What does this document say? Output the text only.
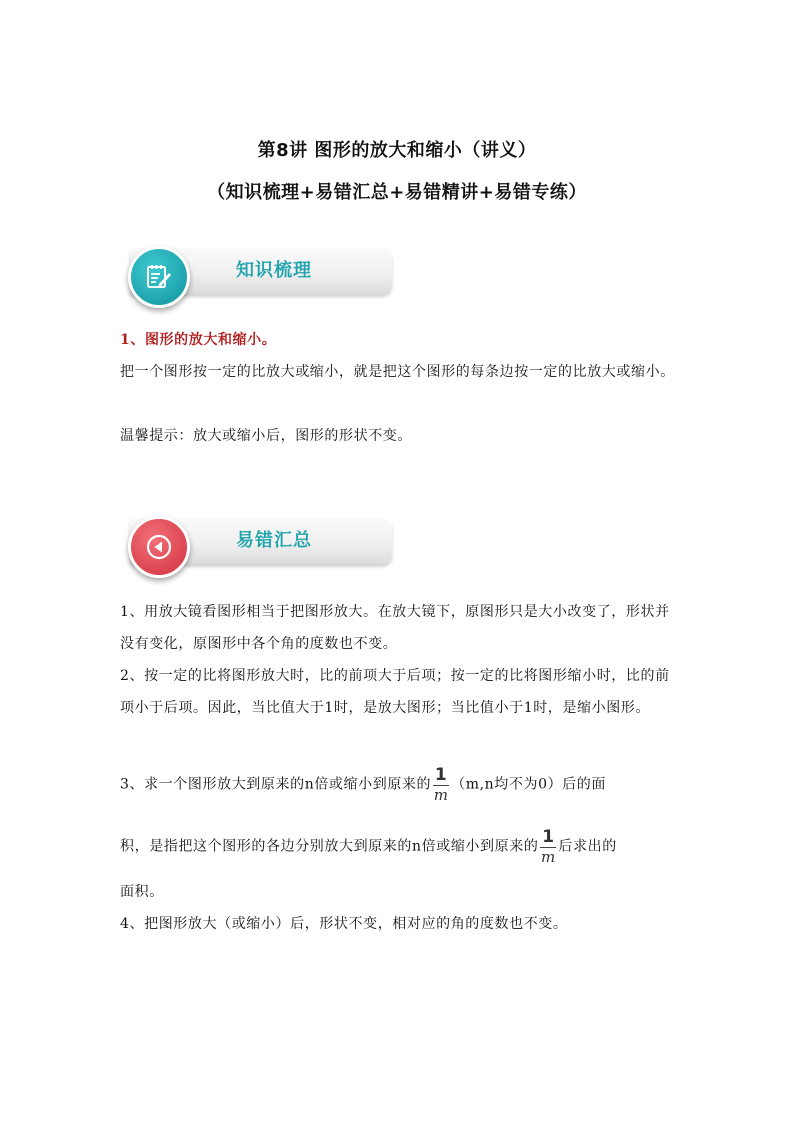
第8讲 图形的放大和缩小（讲义）
（知识梳理+易错汇总+易错精讲+易错专练）
知识梳理
1、图形的放大和缩小。
把一个图形按一定的比放大或缩小，就是把这个图形的每条边按一定的比放大或缩小。
温馨提示：放大或缩小后，图形的形状不变。
易错汇总
1、用放大镜看图形相当于把图形放大。在放大镜下，原图形只是大小改变了，形状并没有变化，原图形中各个角的度数也不变。
2、按一定的比将图形放大时，比的前项大于后项；按一定的比将图形缩小时，比的前项小于后项。因此，当比值大于1时，是放大图形；当比值小于1时，是缩小图形。
3、求一个图形放大到原来的n倍或缩小到原来的 $\frac{1}{m} (m,n$均不为0）后的面
积，是指把这个图形的各边分别放大到原来的n倍或缩小到原来的 $\frac{1}{m}$ 后求出的
面积。
4、把图形放大（或缩小）后，形状不变，相对应的角的度数也不变。
